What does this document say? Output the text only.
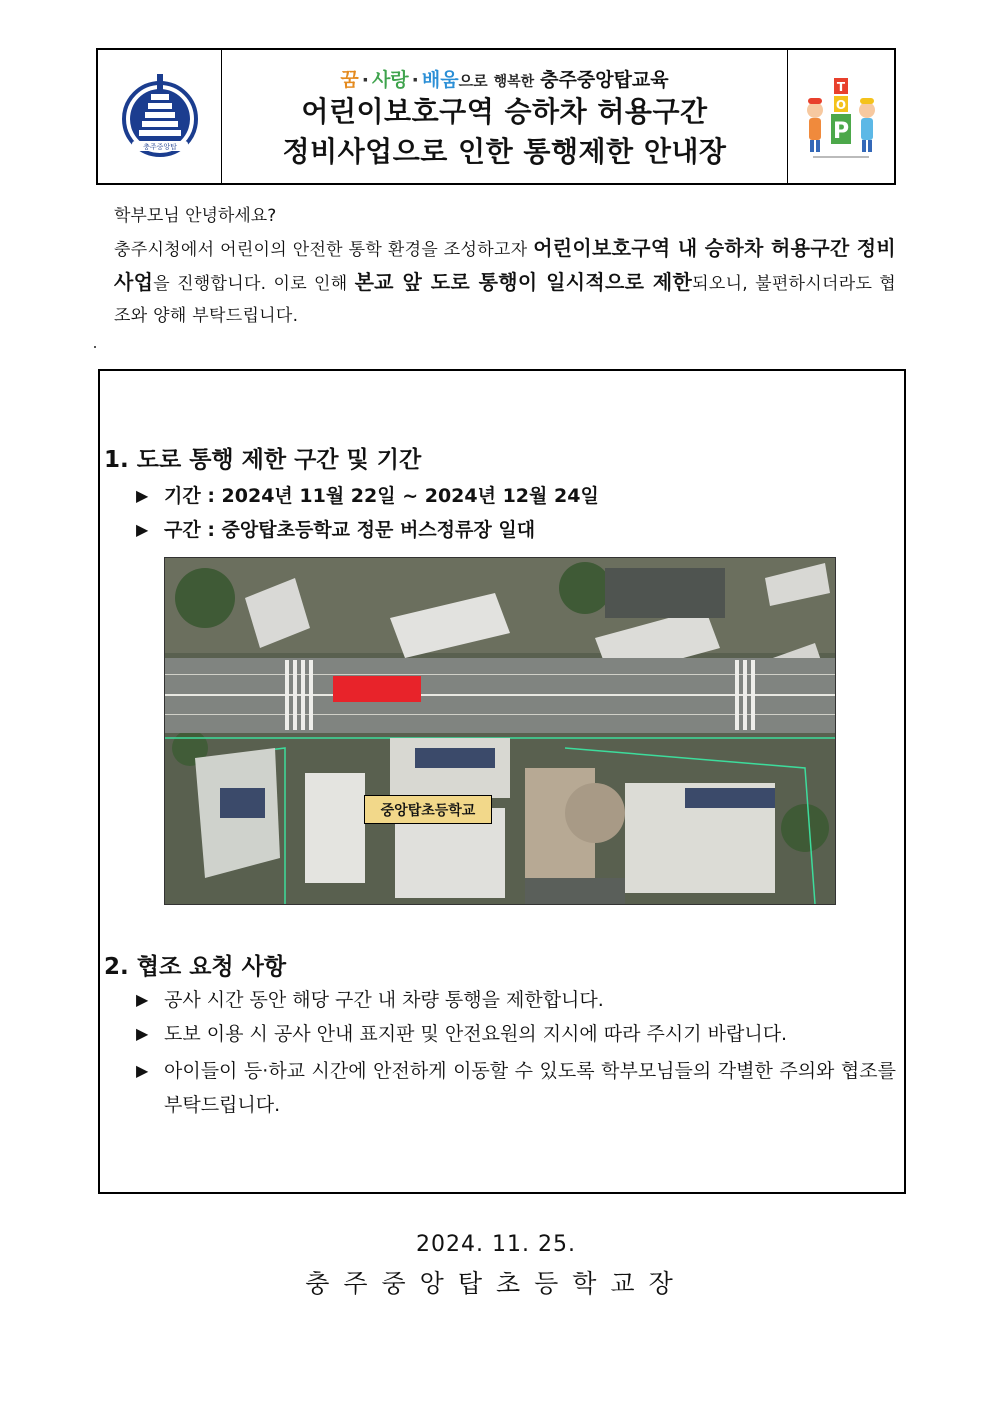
충주중앙탑
꿈 · 사랑 · 배움으로 행복한 충주중앙탑교육
어린이보호구역 승하차 허용구간
정비사업으로 인한 통행제한 안내장
T
O
P
학부모님 안녕하세요?
충주시청에서 어린이의 안전한 통학 환경을 조성하고자 어린이보호구역 내 승하차 허용구간 정비사업을 진행합니다. 이로 인해 본교 앞 도로 통행이 일시적으로 제한되오니, 불편하시더라도 협조와 양해 부탁드립니다.
1. 도로 통행 제한 구간 및 기간
▶ 기간 : 2024년 11월 22일 ~ 2024년 12월 24일
▶ 구간 : 중앙탑초등학교 정문 버스정류장 일대
중앙탑초등학교
2. 협조 요청 사항
▶ 공사 시간 동안 해당 구간 내 차량 통행을 제한합니다.
▶ 도보 이용 시 공사 안내 표지판 및 안전요원의 지시에 따라 주시기 바랍니다.
▶ 아이들이 등·하교 시간에 안전하게 이동할 수 있도록 학부모님들의 각별한 주의와 협조를 부탁드립니다.
2024. 11. 25.
충주중앙탑초등학교장
